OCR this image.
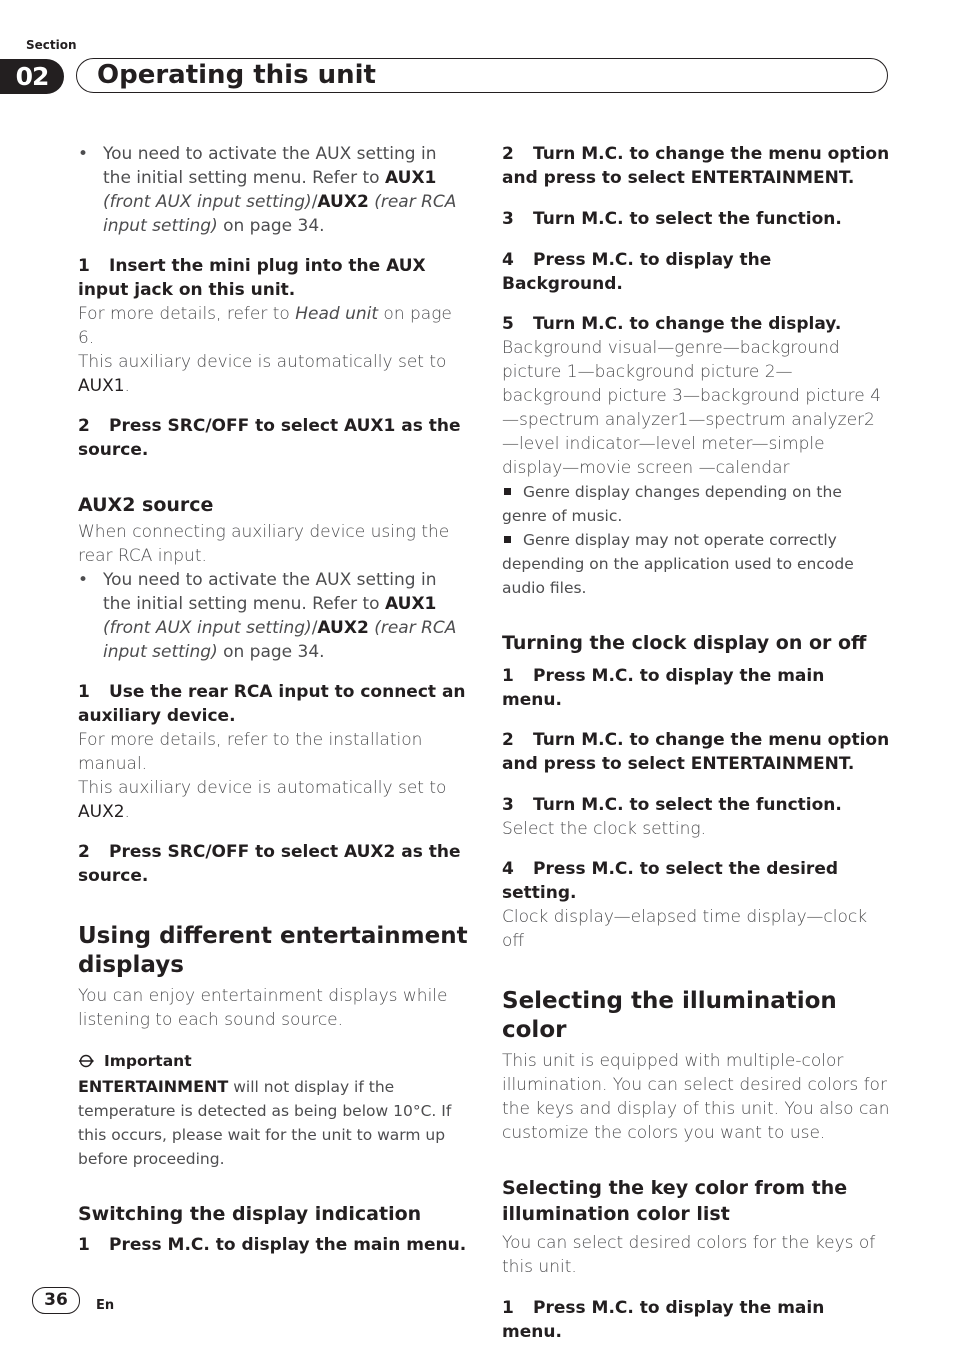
Section
02	Operating this unit
• You need to activate the AUX setting in the initial setting menu. Refer to AUX1 (front AUX input setting)/AUX2 (rear RCA input setting) on page 34.

1 Insert the mini plug into the AUX input jack on this unit.

For more details, refer to Head unit on page 6.

This auxiliary device is automatically set to AUX1.

2 Press SRC/OFF to select AUX1 as the source.

AUX2 source

When connecting auxiliary device using the rear RCA input.

• You need to activate the AUX setting in the initial setting menu. Refer to AUX1 (front AUX input setting)/AUX2 (rear RCA input setting) on page 34.

1 Use the rear RCA input to connect an auxiliary device.

For more details, refer to the installation manual.

This auxiliary device is automatically set to AUX2.

2 Press SRC/OFF to select AUX2 as the source.

Using different entertainment displays

You can enjoy entertainment displays while listening to each sound source.

Important

ENTERTAINMENT will not display if the temperature is detected as being below 10°C. If this occurs, please wait for the unit to warm up before proceeding.

Switching the display indication

1 Press M.C. to display the main menu.

2 Turn M.C. to change the menu option and press to select ENTERTAINMENT.

3 Turn M.C. to select the function.

4 Press M.C. to display the Background.

5 Turn M.C. to change the display.

Background visual—genre—background picture 1—background picture 2—background picture 3—background picture 4—spectrum analyzer1—spectrum analyzer2—level indicator—level meter—simple display—movie screen —calendar

Genre display changes depending on the genre of music.

Genre display may not operate correctly depending on the application used to encode audio files.

Turning the clock display on or off

1 Press M.C. to display the main menu.

2 Turn M.C. to change the menu option and press to select ENTERTAINMENT.

3 Turn M.C. to select the function.

Select the clock setting.

4 Press M.C. to select the desired setting.

Clock display—elapsed time display—clock off

Selecting the illumination color

This unit is equipped with multiple-color illumination. You can select desired colors for the keys and display of this unit. You also can customize the colors you want to use.

Selecting the key color from the illumination color list

You can select desired colors for the keys of this unit.

1 Press M.C. to display the main menu.

36	En
